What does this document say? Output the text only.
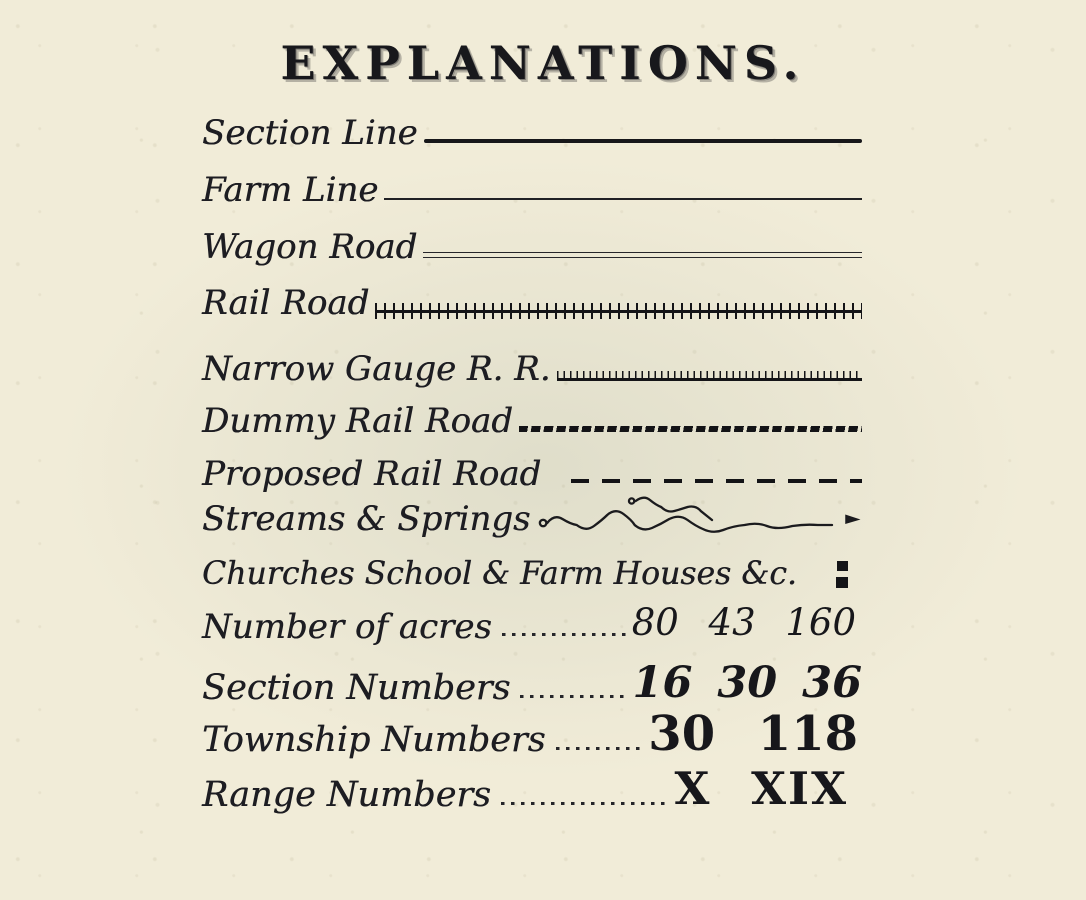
EXPLANATIONS.
Section Line
Farm Line
Wagon Road
Rail Road
Narrow Gauge R. R.
Dummy Rail Road
Proposed Rail Road
Streams & Springs
Churches School & Farm Houses &c.
Number of acres	80 43 160
Section Numbers	16 30 36
Township Numbers 30 118
Range Numbers	X XIX
